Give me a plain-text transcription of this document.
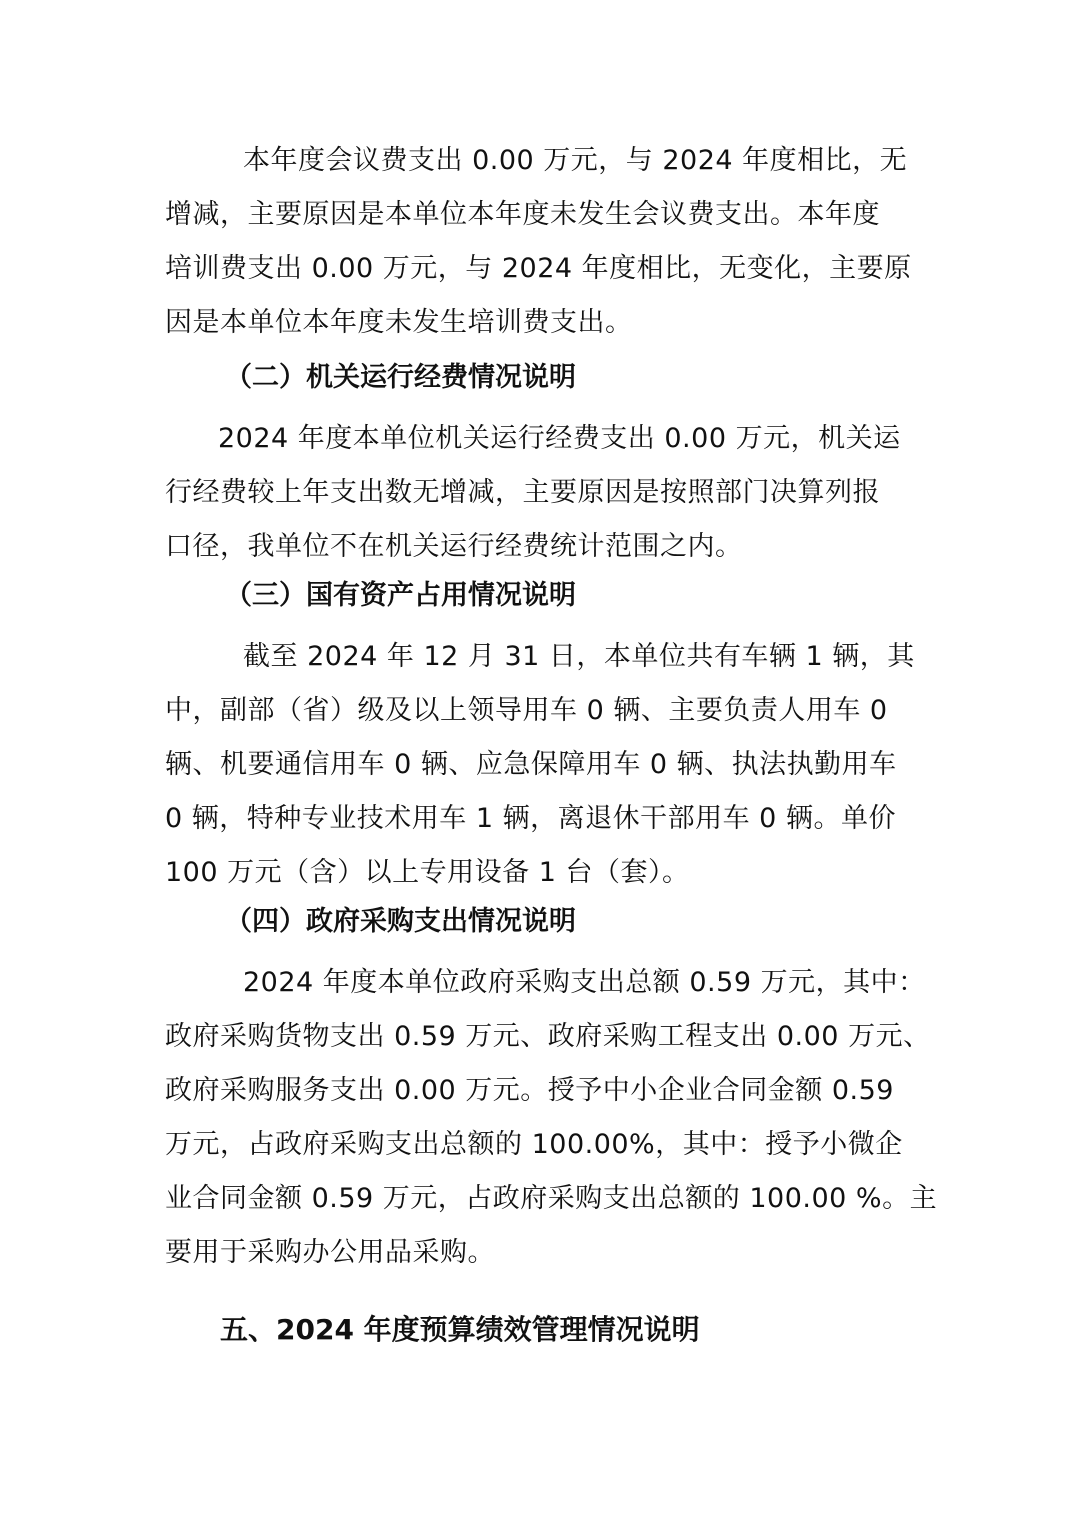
本年度会议费支出 0.00 万元，与 2024 年度相比，无

增减，主要原因是本单位本年度未发生会议费支出。本年度

培训费支出 0.00 万元，与 2024 年度相比，无变化，主要原

因是本单位本年度未发生培训费支出。

（二）机关运行经费情况说明

2024 年度本单位机关运行经费支出 0.00 万元，机关运

行经费较上年支出数无增减，主要原因是按照部门决算列报

口径，我单位不在机关运行经费统计范围之内。

（三）国有资产占用情况说明

截至 2024 年 12 月 31 日，本单位共有车辆 1 辆，其

中，副部（省）级及以上领导用车 0 辆、主要负责人用车 0

辆、机要通信用车 0 辆、应急保障用车 0 辆、执法执勤用车

0 辆，特种专业技术用车 1 辆，离退休干部用车 0 辆。单价

100 万元（含）以上专用设备 1 台（套）。

（四）政府采购支出情况说明

2024 年度本单位政府采购支出总额 0.59 万元，其中：

政府采购货物支出 0.59 万元、政府采购工程支出 0.00 万元、

政府采购服务支出 0.00 万元。授予中小企业合同金额 0.59

万元，占政府采购支出总额的 100.00%，其中：授予小微企

业合同金额 0.59 万元，占政府采购支出总额的 100.00 %。主

要用于采购办公用品采购。

五、2024 年度预算绩效管理情况说明
